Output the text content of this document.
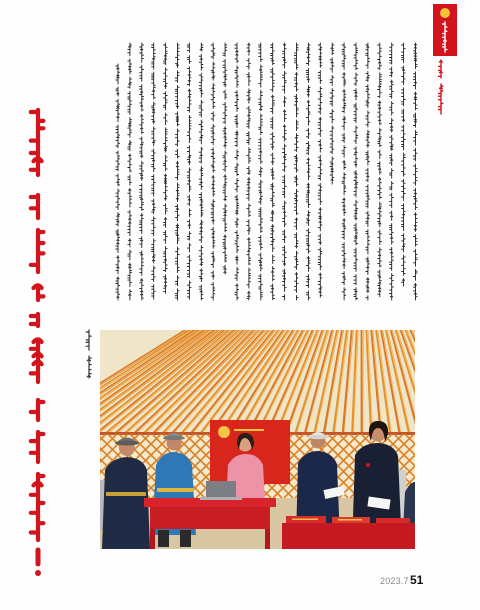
2023.7 51
